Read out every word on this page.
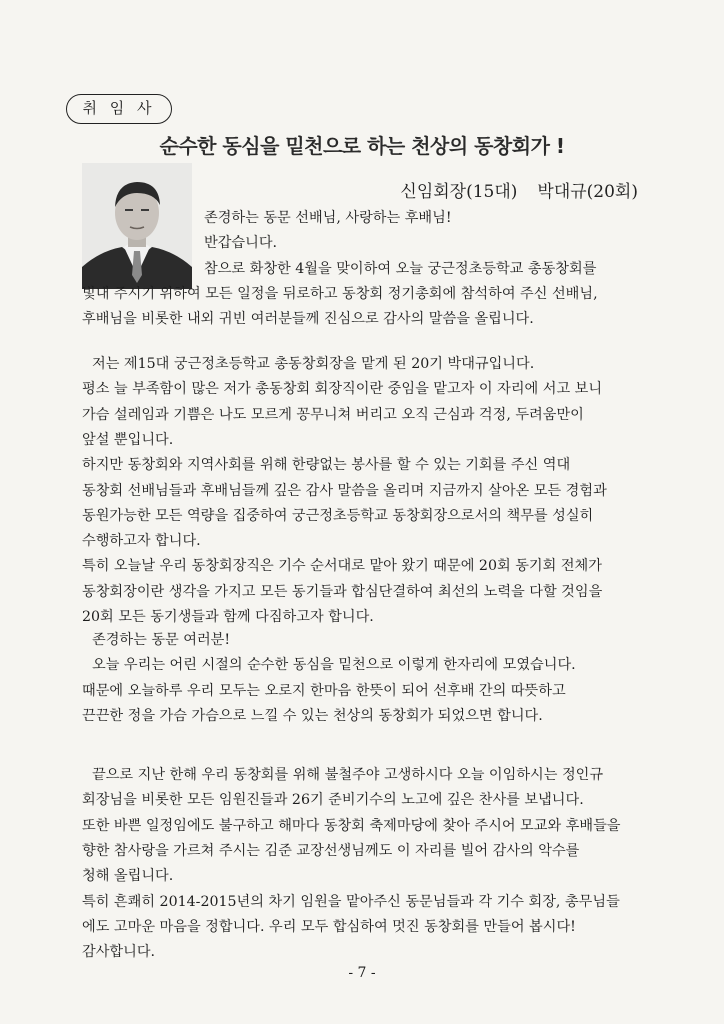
취 임 사
순수한 동심을 밑천으로 하는 천상의 동창회가 !
신임회장(15대) 박대규(20회)
존경하는 동문 선배님, 사랑하는 후배님!
반갑습니다.
참으로 화창한 4월을 맞이하여 오늘 궁근정초등학교 총동창회를
빛내 주시기 위하여 모든 일정을 뒤로하고 동창회 정기총회에 참석하여 주신 선배님,
후배님을 비롯한 내외 귀빈 여러분들께 진심으로 감사의 말씀을 올립니다.
저는 제15대 궁근정초등학교 총동창회장을 맡게 된 20기 박대규입니다.
평소 늘 부족함이 많은 저가 총동창회 회장직이란 중임을 맡고자 이 자리에 서고 보니
가슴 설레임과 기쁨은 나도 모르게 꽁무니쳐 버리고 오직 근심과 걱정, 두려움만이
앞설 뿐입니다.
하지만 동창회와 지역사회를 위해 한량없는 봉사를 할 수 있는 기회를 주신 역대
동창회 선배님들과 후배님들께 깊은 감사 말씀을 올리며 지금까지 살아온 모든 경험과
동원가능한 모든 역량을 집중하여 궁근정초등학교 동창회장으로서의 책무를 성실히
수행하고자 합니다.
특히 오늘날 우리 동창회장직은 기수 순서대로 맡아 왔기 때문에 20회 동기회 전체가
동창회장이란 생각을 가지고 모든 동기들과 합심단결하여 최선의 노력을 다할 것임을
20회 모든 동기생들과 함께 다짐하고자 합니다.
존경하는 동문 여러분!
오늘 우리는 어린 시절의 순수한 동심을 밑천으로 이렇게 한자리에 모였습니다.
때문에 오늘하루 우리 모두는 오로지 한마음 한뜻이 되어 선후배 간의 따뜻하고
끈끈한 정을 가슴 가슴으로 느낄 수 있는 천상의 동창회가 되었으면 합니다.
끝으로 지난 한해 우리 동창회를 위해 불철주야 고생하시다 오늘 이임하시는 정인규
회장님을 비롯한 모든 임원진들과 26기 준비기수의 노고에 깊은 찬사를 보냅니다.
또한 바쁜 일정임에도 불구하고 해마다 동창회 축제마당에 찾아 주시어 모교와 후배들을
향한 참사랑을 가르쳐 주시는 김준 교장선생님께도 이 자리를 빌어 감사의 악수를
청해 올립니다.
특히 흔쾌히 2014-2015년의 차기 임원을 맡아주신 동문님들과 각 기수 회장, 총무님들
에도 고마운 마음을 정합니다. 우리 모두 합심하여 멋진 동창회를 만들어 봅시다!
감사합니다.
- 7 -
